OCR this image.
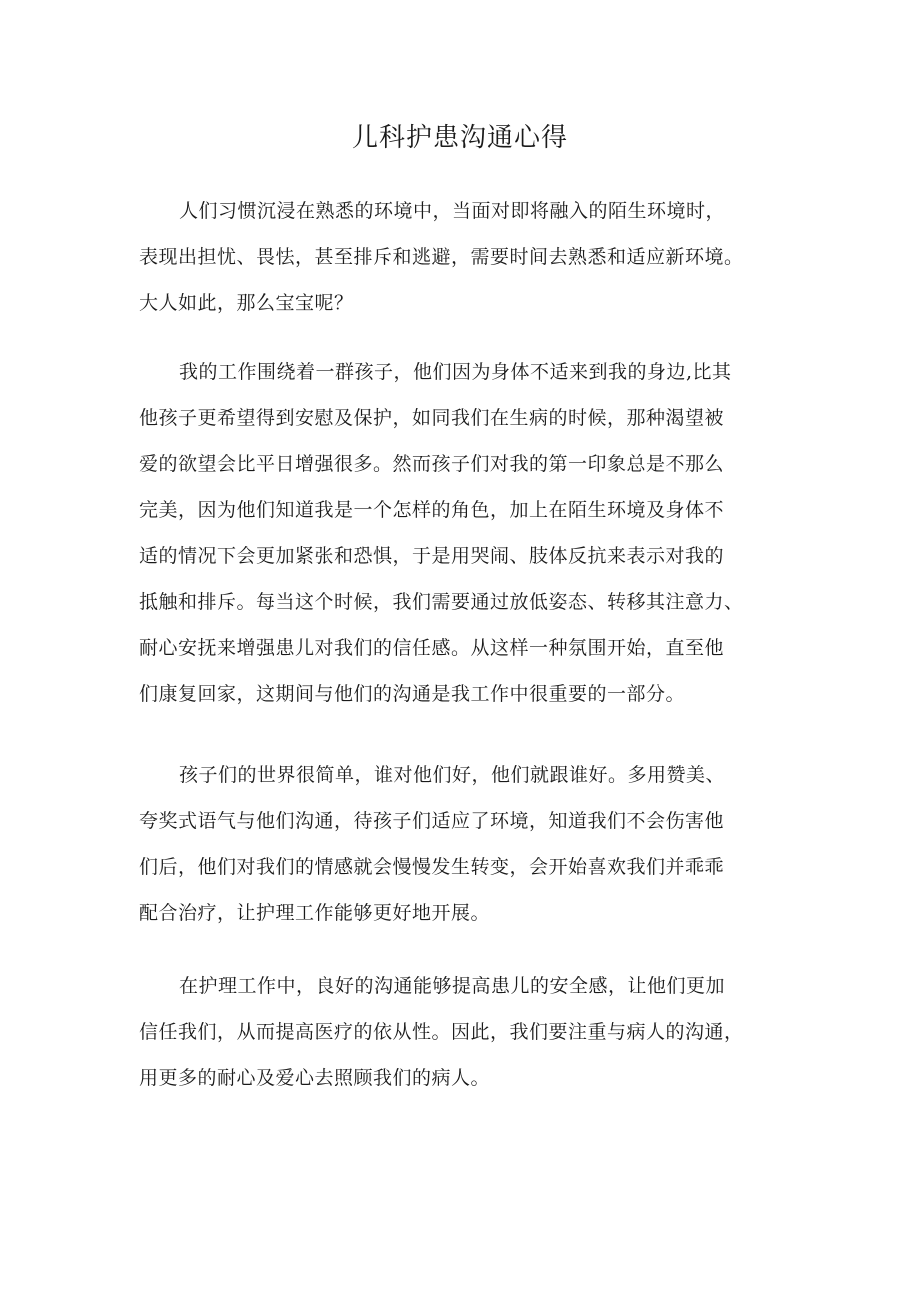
儿科护患沟通心得
人们习惯沉浸在熟悉的环境中，当面对即将融入的陌生环境时，
表现出担忧、畏怯，甚至排斥和逃避，需要时间去熟悉和适应新环境。
大人如此，那么宝宝呢？
我的工作围绕着一群孩子，他们因为身体不适来到我的身边,比其
他孩子更希望得到安慰及保护，如同我们在生病的时候，那种渴望被
爱的欲望会比平日增强很多。然而孩子们对我的第一印象总是不那么
完美，因为他们知道我是一个怎样的角色，加上在陌生环境及身体不
适的情况下会更加紧张和恐惧，于是用哭闹、肢体反抗来表示对我的
抵触和排斥。每当这个时候，我们需要通过放低姿态、转移其注意力、
耐心安抚来增强患儿对我们的信任感。从这样一种氛围开始，直至他
们康复回家，这期间与他们的沟通是我工作中很重要的一部分。
孩子们的世界很简单，谁对他们好，他们就跟谁好。多用赞美、
夸奖式语气与他们沟通，待孩子们适应了环境，知道我们不会伤害他
们后，他们对我们的情感就会慢慢发生转变，会开始喜欢我们并乖乖
配合治疗，让护理工作能够更好地开展。
在护理工作中，良好的沟通能够提高患儿的安全感，让他们更加
信任我们，从而提高医疗的依从性。因此，我们要注重与病人的沟通，
用更多的耐心及爱心去照顾我们的病人。
